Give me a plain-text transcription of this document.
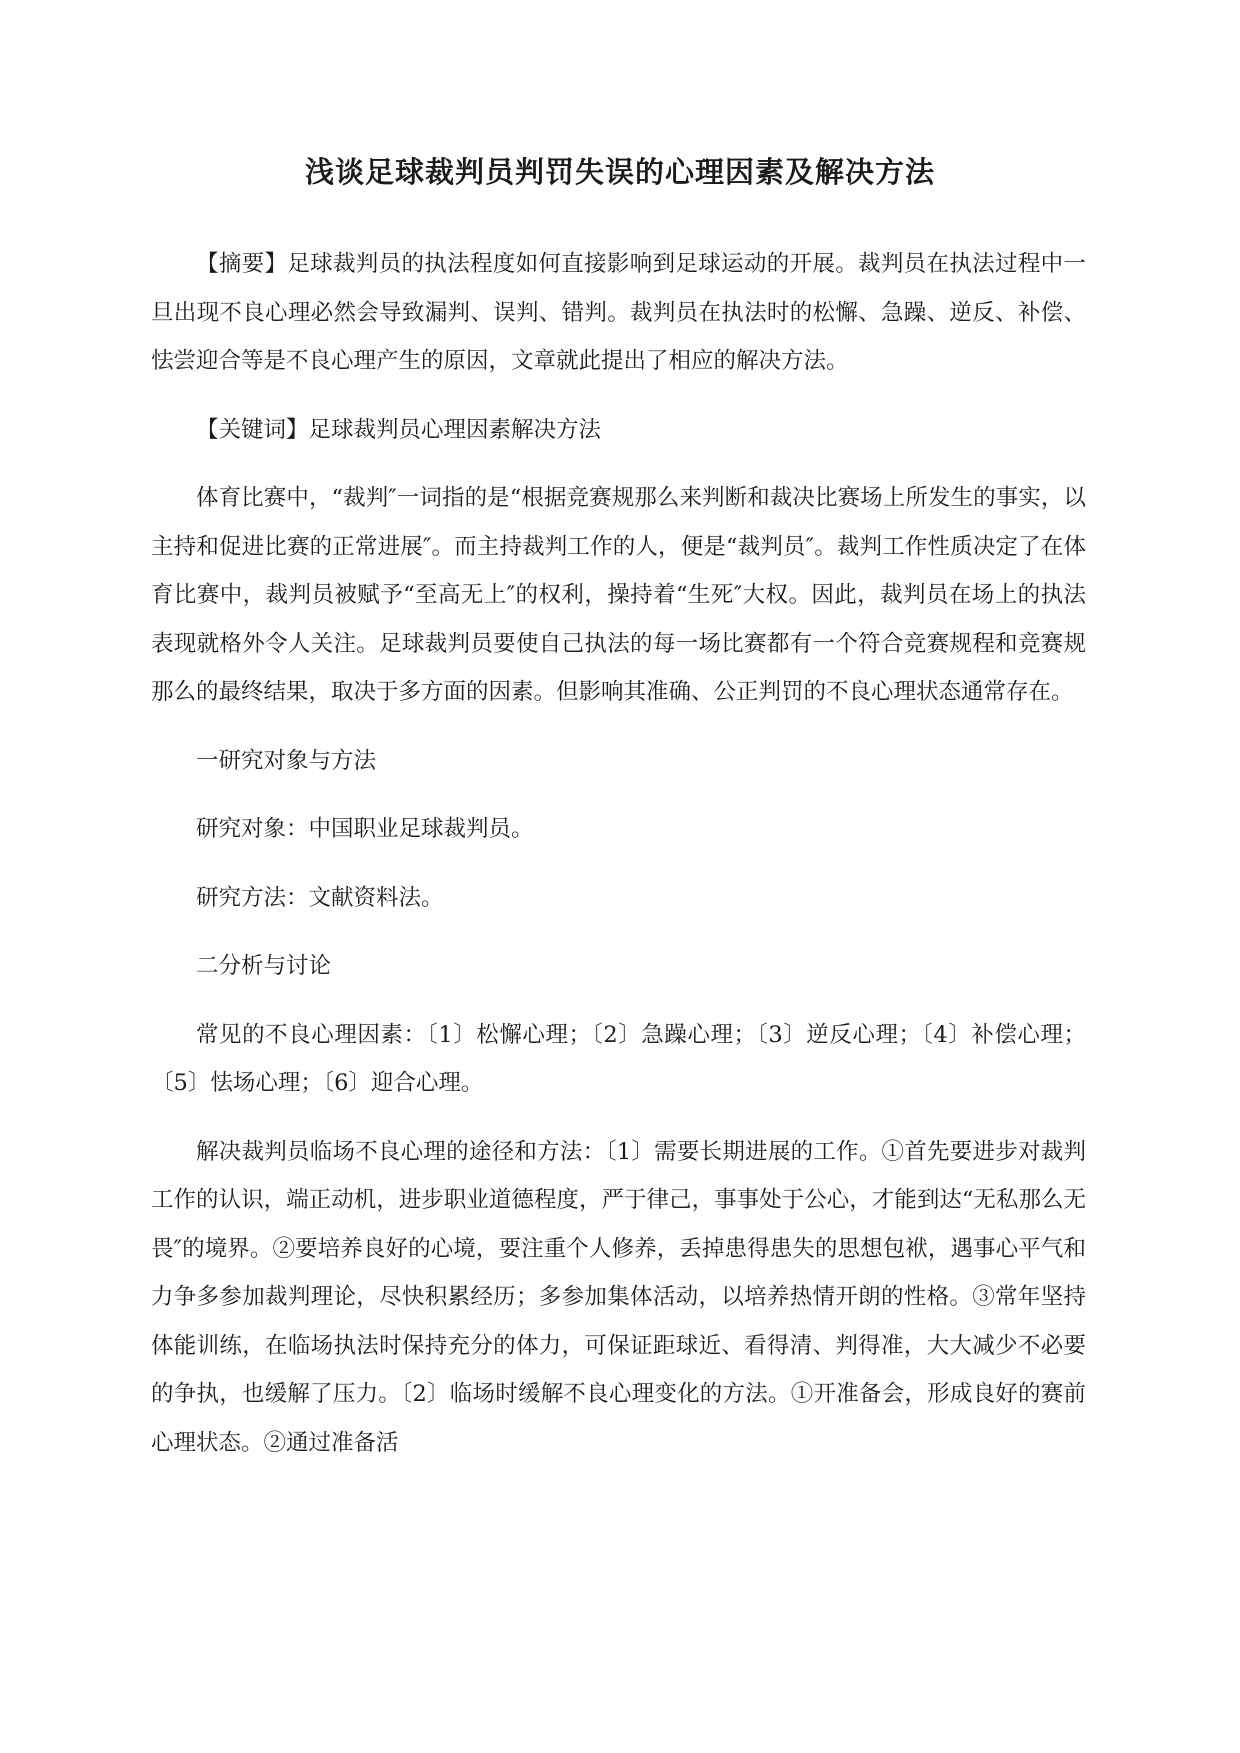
浅谈足球裁判员判罚失误的心理因素及解决方法

【摘要】足球裁判员的执法程度如何直接影响到足球运动的开展。裁判员在执法过程中一旦出现不良心理必然会导致漏判、误判、错判。裁判员在执法时的松懈、急躁、逆反、补偿、怯尝迎合等是不良心理产生的原因，文章就此提出了相应的解决方法。

【关键词】足球裁判员心理因素解决方法

体育比赛中，“裁判″一词指的是“根据竞赛规那么来判断和裁决比赛场上所发生的事实，以主持和促进比赛的正常进展″。而主持裁判工作的人，便是“裁判员″。裁判工作性质决定了在体育比赛中，裁判员被赋予“至高无上″的权利，操持着“生死″大权。因此，裁判员在场上的执法表现就格外令人关注。足球裁判员要使自己执法的每一场比赛都有一个符合竞赛规程和竞赛规那么的最终结果，取决于多方面的因素。但影响其准确、公正判罚的不良心理状态通常存在。

一研究对象与方法

研究对象：中国职业足球裁判员。

研究方法：文献资料法。

二分析与讨论

常见的不良心理因素：〔1〕松懈心理；〔2〕急躁心理；〔3〕逆反心理；〔4〕补偿心理；〔5〕怯场心理；〔6〕迎合心理。

解决裁判员临场不良心理的途径和方法：〔1〕需要长期进展的工作。①首先要进步对裁判工作的认识，端正动机，进步职业道德程度，严于律己，事事处于公心，才能到达“无私那么无畏″的境界。②要培养良好的心境，要注重个人修养，丢掉患得患失的思想包袱，遇事心平气和力争多参加裁判理论，尽快积累经历；多参加集体活动，以培养热情开朗的性格。③常年坚持体能训练，在临场执法时保持充分的体力，可保证距球近、看得清、判得准，大大减少不必要的争执，也缓解了压力。〔2〕临场时缓解不良心理变化的方法。①开准备会，形成良好的赛前心理状态。②通过准备活
